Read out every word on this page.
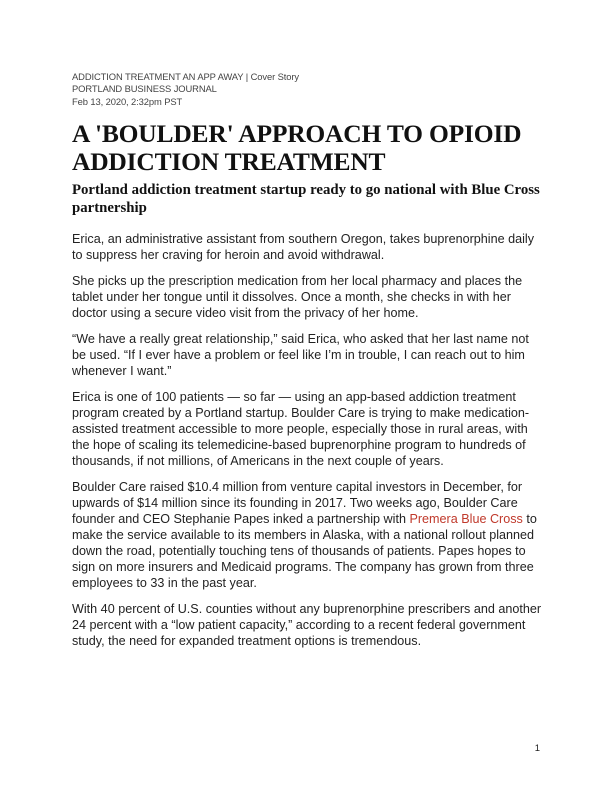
ADDICTION TREATMENT AN APP AWAY | Cover Story
PORTLAND BUSINESS JOURNAL
Feb 13, 2020, 2:32pm PST
A 'BOULDER' APPROACH TO OPIOID ADDICTION TREATMENT
Portland addiction treatment startup ready to go national with Blue Cross partnership

Erica, an administrative assistant from southern Oregon, takes buprenorphine daily to suppress her craving for heroin and avoid withdrawal.

She picks up the prescription medication from her local pharmacy and places the tablet under her tongue until it dissolves. Once a month, she checks in with her doctor using a secure video visit from the privacy of her home.

“We have a really great relationship,” said Erica, who asked that her last name not be used. “If I ever have a problem or feel like I’m in trouble, I can reach out to him whenever I want.”

Erica is one of 100 patients — so far — using an app-based addiction treatment program created by a Portland startup. Boulder Care is trying to make medication-assisted treatment accessible to more people, especially those in rural areas, with the hope of scaling its telemedicine-based buprenorphine program to hundreds of thousands, if not millions, of Americans in the next couple of years.

Boulder Care raised $10.4 million from venture capital investors in December, for upwards of $14 million since its founding in 2017. Two weeks ago, Boulder Care founder and CEO Stephanie Papes inked a partnership with Premera Blue Cross to make the service available to its members in Alaska, with a national rollout planned down the road, potentially touching tens of thousands of patients. Papes hopes to sign on more insurers and Medicaid programs. The company has grown from three employees to 33 in the past year.

With 40 percent of U.S. counties without any buprenorphine prescribers and another 24 percent with a “low patient capacity,” according to a recent federal government study, the need for expanded treatment options is tremendous.

1
